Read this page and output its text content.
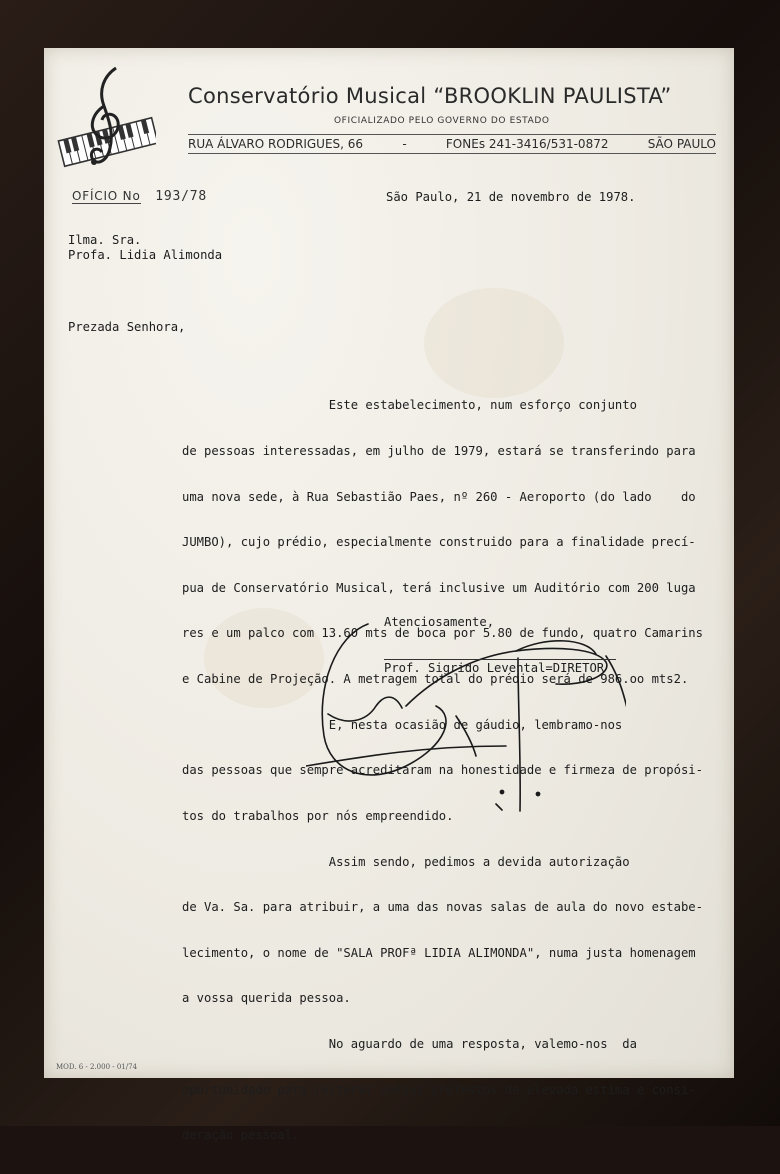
Conservatório Musical “BROOKLIN PAULISTA”
OFICIALIZADO PELO GOVERNO DO ESTADO
RUA ÁLVARO RODRIGUES, 66	-	FONEs 241-3416/531-0872	SÃO PAULO
OFÍCIO No 193/78	São Paulo, 21 de novembro de 1978.
Ilma. Sra.
Profa. Lidia Alimonda
Prezada Senhora,

Este estabelecimento, num esforço conjunto

de pessoas interessadas, em julho de 1979, estará se transferindo para

uma nova sede, à Rua Sebastião Paes, nº 260 - Aeroporto (do lado    do

JUMBO), cujo prédio, especialmente construido para a finalidade precí-

pua de Conservatório Musical, terá inclusive um Auditório com 200 luga

res e um palco com 13.60 mts de boca por 5.80 de fundo, quatro Camarins

e Cabine de Projeção. A metragem total do prédio será de 986.oo mts2.

E, nesta ocasião de gáudio, lembramo-nos

das pessoas que sempre acreditaram na honestidade e firmeza de propósi-

tos do trabalhos por nós empreendido.

Assim sendo, pedimos a devida autorização

de Va. Sa. para atribuir, a uma das novas salas de aula do novo estabe-

lecimento, o nome de "SALA PROFª LIDIA ALIMONDA", numa justa homenagem

a vossa querida pessoa.

No aguardo de uma resposta, valemo-nos  da

oportunidade para reiterar nossos protestos de elevada estima e consi-

deração pessoal.

Atenciosamente,
Prof. Sigrido Levental=DIRETOR
MOD. 6 - 2.000 - 01/74
